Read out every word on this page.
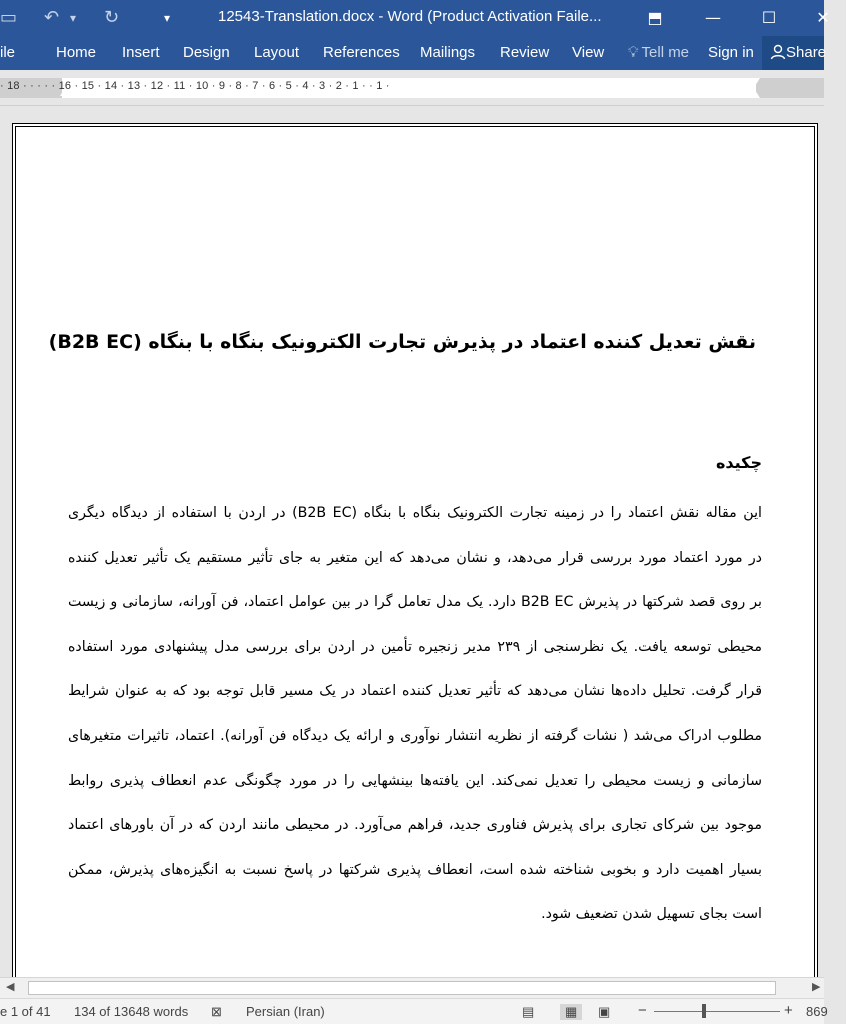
▭ ↶ ▾ ↻	▾	12543-Translation.docx - Word (Product Activation Faile...	⬒	—	☐	✕
ile	Home Insert Design Layout References Mailings Review View 💡︎ Tell me Sign in	Share
· 18 · · · · · 16 · 15 · 14 · 13 · 12 · 11 · 10 · 9 · 8 · 7 · 6 · 5 · 4 · 3 · 2 · 1 · · 1 ·
نقش تعدیل کننده اعتماد در پذیرش تجارت الکترونیک بنگاه با بنگاه (B2B EC)
چکیده
این مقاله نقش اعتماد را در زمینه تجارت الکترونیک بنگاه با بنگاه (B2B EC) در اردن با استفاده از دیدگاه دیگری
در مورد اعتماد مورد بررسی قرار می‌دهد، و نشان می‌دهد که این متغیر به جای تأثیر مستقیم یک تأثیر تعدیل کننده
بر روی قصد شرکتها در پذیرش B2B EC دارد. یک مدل تعامل گرا در بین عوامل اعتماد، فن آورانه، سازمانی و زیست
محیطی توسعه یافت. یک نظرسنجی از ۲۳۹ مدیر زنجیره تأمین در اردن برای بررسی مدل پیشنهادی مورد استفاده
قرار گرفت. تحلیل داده‌ها نشان می‌دهد که تأثیر تعدیل کننده اعتماد در یک مسیر قابل توجه بود که به عنوان شرایط
مطلوب ادراک می‌شد ( نشات گرفته از نظریه انتشار نوآوری و ارائه یک دیدگاه فن آورانه). اعتماد، تاثیرات متغیرهای
سازمانی و زیست محیطی را تعدیل نمی‌کند. این یافته‌ها بینشهایی را در مورد چگونگی عدم انعطاف پذیری روابط
موجود بین شرکای تجاری برای پذیرش فناوری جدید، فراهم می‌آورد. در محیطی مانند اردن که در آن باورهای اعتماد
بسیار اهمیت دارد و بخوبی شناخته شده است، انعطاف پذیری شرکتها در پاسخ نسبت به انگیزه‌های پذیرش، ممکن
است بجای تسهیل شدن تضعیف شود.
◀	▶
e 1 of 41 134 of 13648 words ⊠ Persian (Iran)	▤	▦	▣ −	+ 869
